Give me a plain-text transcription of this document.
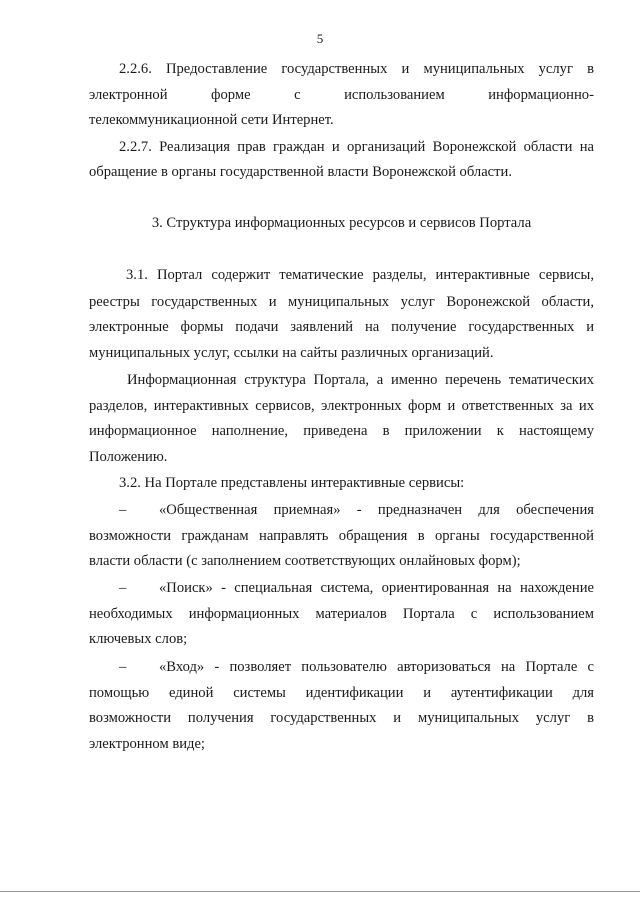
5
2.2.6. Предоставление государственных и муниципальных услуг в
электронной	форме	с	использованием	информационно-
телекоммуникационной сети Интернет.
2.2.7. Реализация прав граждан и организаций Воронежской области на
обращение в органы государственной власти Воронежской области.
3. Структура информационных ресурсов и сервисов Портала
3.1. Портал содержит тематические разделы, интерактивные сервисы,
реестры государственных и муниципальных услуг Воронежской области,
электронные формы подачи заявлений на получение государственных и
муниципальных услуг, ссылки на сайты различных организаций.
Информационная структура Портала, а именно перечень тематических
разделов, интерактивных сервисов, электронных форм и ответственных за их
информационное наполнение, приведена в приложении к настоящему
Положению.
3.2. На Портале представлены интерактивные сервисы:
– «Общественная приемная» - предназначен для обеспечения
возможности гражданам направлять обращения в органы государственной
власти области (с заполнением соответствующих онлайновых форм);
– «Поиск» - специальная система, ориентированная на нахождение
необходимых информационных материалов Портала с использованием
ключевых слов;
– «Вход» - позволяет пользователю авторизоваться на Портале с
помощью единой системы идентификации и аутентификации для
возможности получения государственных и муниципальных услуг в
электронном виде;
